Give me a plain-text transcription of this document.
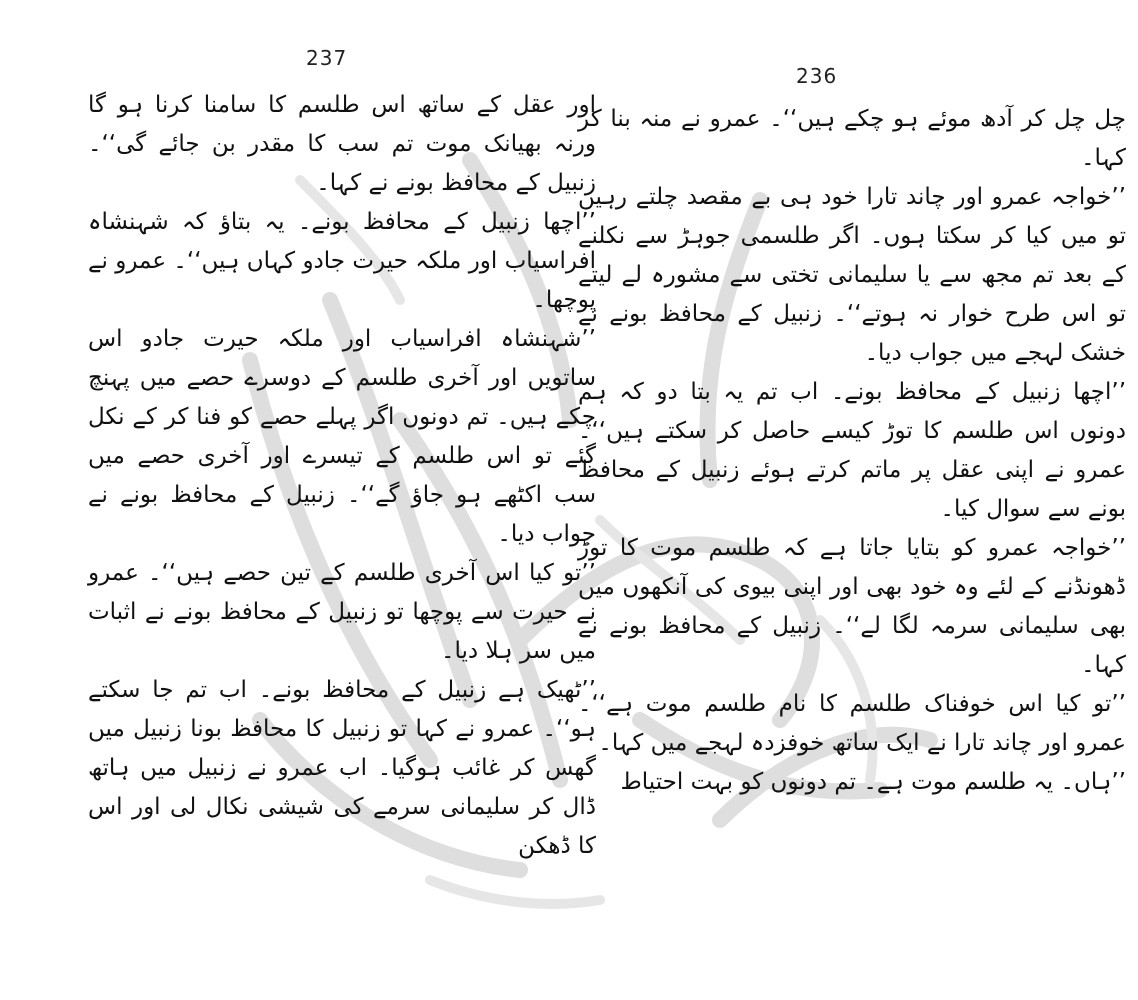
237
236

اور عقل کے ساتھ اس طلسم کا سامنا کرنا ہو گا ورنہ بھیانک موت تم سب کا مقدر بن جائے گی‘‘۔ زنبیل کے محافظ بونے نے کہا۔

’’اچھا زنبیل کے محافظ بونے۔ یہ بتاؤ کہ شہنشاہ افراسیاب اور ملکہ حیرت جادو کہاں ہیں‘‘۔ عمرو نے پوچھا۔

’’شہنشاہ افراسیاب اور ملکہ حیرت جادو اس ساتویں اور آخری طلسم کے دوسرے حصے میں پہنچ چکے ہیں۔ تم دونوں اگر پہلے حصے کو فنا کر کے نکل گئے تو اس طلسم کے تیسرے اور آخری حصے میں سب اکٹھے ہو جاؤ گے‘‘۔ زنبیل کے محافظ بونے نے جواب دیا۔

’’تو کیا اس آخری طلسم کے تین حصے ہیں‘‘۔ عمرو نے حیرت سے پوچھا تو زنبیل کے محافظ بونے نے اثبات میں سر ہلا دیا۔

’’ٹھیک ہے زنبیل کے محافظ بونے۔ اب تم جا سکتے ہو‘‘۔ عمرو نے کہا تو زنبیل کا محافظ بونا زنبیل میں گھس کر غائب ہوگیا۔ اب عمرو نے زنبیل میں ہاتھ ڈال کر سلیمانی سرمے کی شیشی نکال لی اور اس کا ڈھکن

چل چل کر آدھ موئے ہو چکے ہیں‘‘۔ عمرو نے منہ بنا کر کہا۔

’’خواجہ عمرو اور چاند تارا خود ہی بے مقصد چلتے رہیں تو میں کیا کر سکتا ہوں۔ اگر طلسمی جوہڑ سے نکلنے کے بعد تم مجھ سے یا سلیمانی تختی سے مشورہ لے لیتے تو اس طرح خوار نہ ہوتے‘‘۔ زنبیل کے محافظ بونے نے خشک لہجے میں جواب دیا۔

’’اچھا زنبیل کے محافظ بونے۔ اب تم یہ بتا دو کہ ہم دونوں اس طلسم کا توڑ کیسے حاصل کر سکتے ہیں‘‘۔ عمرو نے اپنی عقل پر ماتم کرتے ہوئے زنبیل کے محافظ بونے سے سوال کیا۔

’’خواجہ عمرو کو بتایا جاتا ہے کہ طلسم موت کا توڑ ڈھونڈنے کے لئے وہ خود بھی اور اپنی بیوی کی آنکھوں میں بھی سلیمانی سرمہ لگا لے‘‘۔ زنبیل کے محافظ بونے نے کہا۔

’’تو کیا اس خوفناک طلسم کا نام طلسم موت ہے‘‘۔ عمرو اور چاند تارا نے ایک ساتھ خوفزدہ لہجے میں کہا۔

’’ہاں۔ یہ طلسم موت ہے۔ تم دونوں کو بہت احتیاط
